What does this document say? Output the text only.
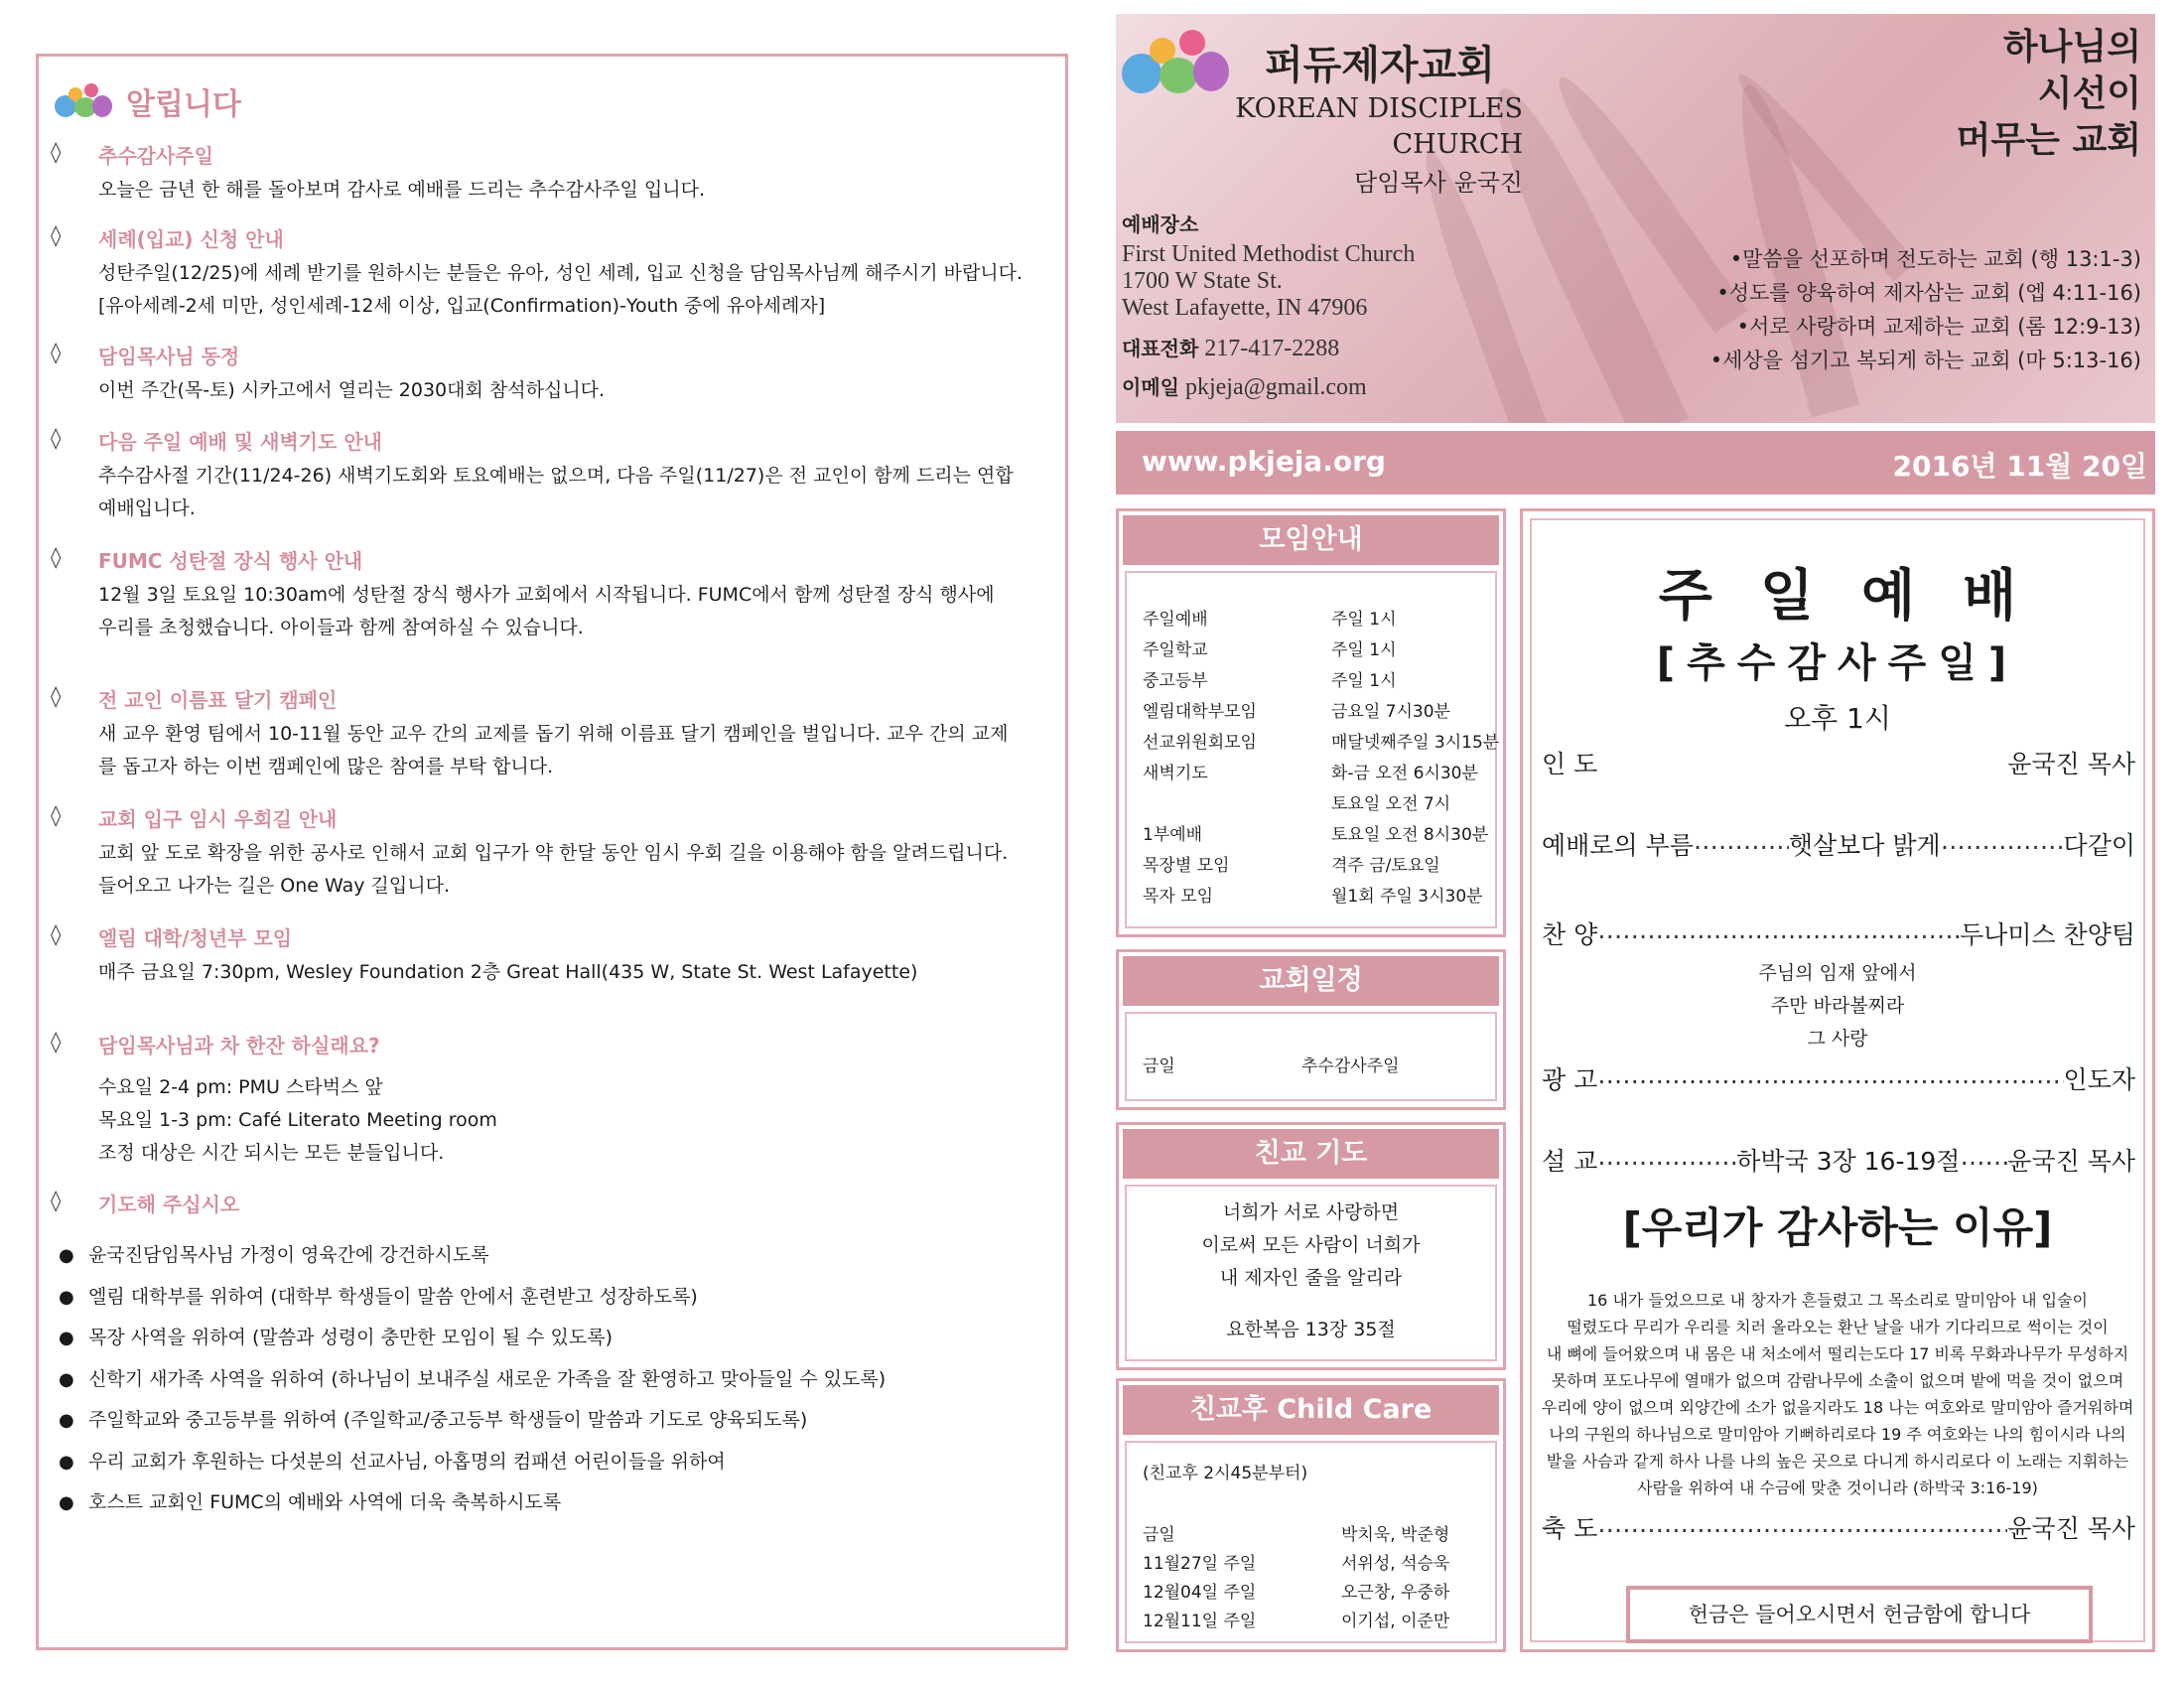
알립니다
◊ 추수감사주일
오늘은 금년 한 해를 돌아보며 감사로 예배를 드리는 추수감사주일 입니다.
◊ 세례(입교) 신청 안내
성탄주일(12/25)에 세례 받기를 원하시는 분들은 유아, 성인 세례, 입교 신청을 담임목사님께 해주시기 바랍니다.
[유아세례-2세 미만, 성인세례-12세 이상, 입교(Confirmation)-Youth 중에 유아세례자]
◊ 담임목사님 동정
이번 주간(목-토) 시카고에서 열리는 2030대회 참석하십니다.
◊ 다음 주일 예배 및 새벽기도 안내
추수감사절 기간(11/24-26) 새벽기도회와 토요예배는 없으며, 다음 주일(11/27)은 전 교인이 함께 드리는 연합
예배입니다.
◊ FUMC 성탄절 장식 행사 안내
12월 3일 토요일 10:30am에 성탄절 장식 행사가 교회에서 시작됩니다. FUMC에서 함께 성탄절 장식 행사에
우리를 초청했습니다. 아이들과 함께 참여하실 수 있습니다.
◊ 전 교인 이름표 달기 캠페인
새 교우 환영 팀에서 10-11월 동안 교우 간의 교제를 돕기 위해 이름표 달기 캠페인을 벌입니다. 교우 간의 교제
를 돕고자 하는 이번 캠페인에 많은 참여를 부탁 합니다.
◊ 교회 입구 임시 우회길 안내
교회 앞 도로 확장을 위한 공사로 인해서 교회 입구가 약 한달 동안 임시 우회 길을 이용해야 함을 알려드립니다.
들어오고 나가는 길은 One Way 길입니다.
◊ 엘림 대학/청년부 모임
매주 금요일 7:30pm, Wesley Foundation 2층 Great Hall(435 W, State St. West Lafayette)
◊ 담임목사님과 차 한잔 하실래요?
수요일 2-4 pm: PMU 스타벅스 앞
목요일 1-3 pm: Café Literato Meeting room
조정 대상은 시간 되시는 모든 분들입니다.
◊ 기도해 주십시오
● 윤국진담임목사님 가정이 영육간에 강건하시도록
● 엘림 대학부를 위하여 (대학부 학생들이 말씀 안에서 훈련받고 성장하도록)
● 목장 사역을 위하여 (말씀과 성령이 충만한 모임이 될 수 있도록)
● 신학기 새가족 사역을 위하여 (하나님이 보내주실 새로운 가족을 잘 환영하고 맞아들일 수 있도록)
● 주일학교와 중고등부를 위하여 (주일학교/중고등부 학생들이 말씀과 기도로 양육되도록)
● 우리 교회가 후원하는 다섯분의 선교사님, 아홉명의 컴패션 어린이들을 위하여
● 호스트 교회인 FUMC의 예배와 사역에 더욱 축복하시도록
퍼듀제자교회
KOREAN DISCIPLES
CHURCH
담임목사 윤국진
예배장소
First United Methodist Church
1700 W State St.
West Lafayette, IN 47906
대표전화 217-417-2288
이메일 pkjeja@gmail.com
하나님의
시선이
머무는 교회
•말씀을 선포하며 전도하는 교회 (행 13:1-3)
•성도를 양육하여 제자삼는 교회 (엡 4:11-16)
•서로 사랑하며 교제하는 교회 (롬 12:9-13)
•세상을 섬기고 복되게 하는 교회 (마 5:13-16)
www.pkjeja.org	2016년 11월 20일
모임안내
주일예배	주일 1시
주일학교	주일 1시
중고등부	주일 1시
엘림대학부모임	금요일 7시30분
선교위원회모임	매달넷째주일 3시15분
새벽기도	화-금 오전 6시30분
토요일 오전 7시
1부예배	토요일 오전 8시30분
목장별 모임	격주 금/토요일
목자 모임	월1회 주일 3시30분
교회일정
금일	추수감사주일
친교 기도
너희가 서로 사랑하면
이로써 모든 사람이 너희가
내 제자인 줄을 알리라
요한복음 13장 35절
친교후 Child Care
(친교후 2시45분부터)
금일	박치욱, 박준형
11월27일 주일	서위성, 석승욱
12월04일 주일	오근창, 우중하
12월11일 주일	이기섭, 이준만
주일예배
[추수감사주일]
오후 1시
인 도	윤국진 목사
예배로의 부름 ……………………………………………………………………………………………………	햇살보다 밝게 ……………………………………………………………………………………………………	다같이
찬 양 ……………………………………………………………………………………………………	두나미스 찬양팀
주님의 임재 앞에서
주만 바라볼찌라
그 사랑
광 고 ……………………………………………………………………………………………………	인도자
설 교 ……………………………………………………………………………………………………	하박국 3장 16-19절 …………………………………………………………………………………………………… 윤국진 목사
[우리가 감사하는 이유]
16 내가 들었으므로 내 창자가 흔들렸고 그 목소리로 말미암아 내 입술이
떨렸도다 무리가 우리를 치러 올라오는 환난 날을 내가 기다리므로 썩이는 것이
내 뼈에 들어왔으며 내 몸은 내 처소에서 떨리는도다 17 비록 무화과나무가 무성하지
못하며 포도나무에 열매가 없으며 감람나무에 소출이 없으며 밭에 먹을 것이 없으며
우리에 양이 없으며 외양간에 소가 없을지라도 18 나는 여호와로 말미암아 즐거워하며
나의 구원의 하나님으로 말미암아 기뻐하리로다 19 주 여호와는 나의 힘이시라 나의
발을 사슴과 같게 하사 나를 나의 높은 곳으로 다니게 하시리로다 이 노래는 지휘하는
사람을 위하여 내 수금에 맞춘 것이니라 (하박국 3:16-19)
축 도 ……………………………………………………………………………………………………	윤국진 목사
헌금은 들어오시면서 헌금함에 합니다
